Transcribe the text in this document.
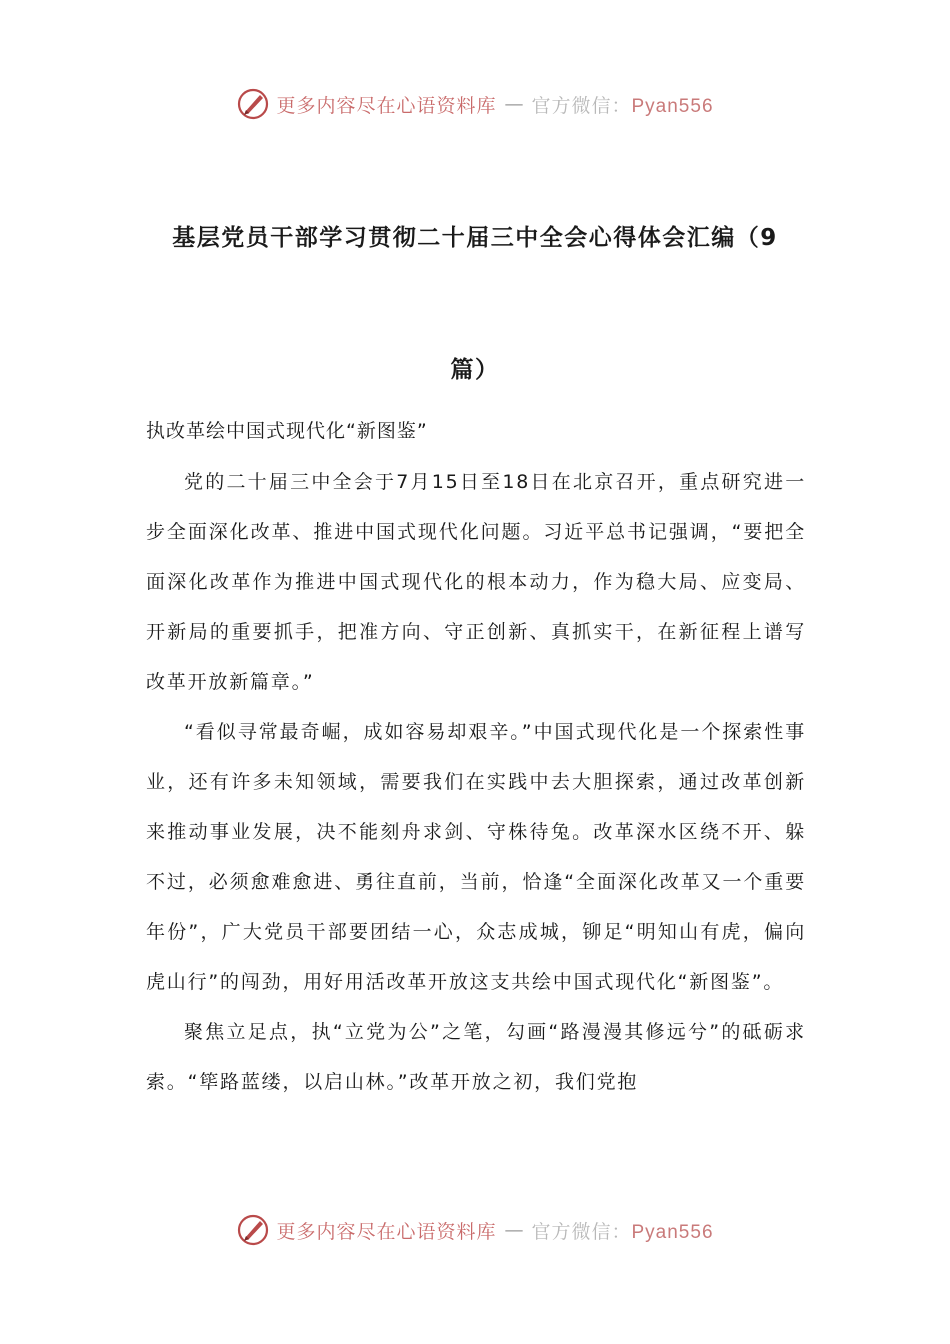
更多内容尽在心语资料库 — 官方微信：Pyan556
基层党员干部学习贯彻二十届三中全会心得体会汇编（9
篇）
执改革绘中国式现代化“新图鉴”

党的二十届三中全会于7月15日至18日在北京召开，重点研究进一步全面深化改革、推进中国式现代化问题。习近平总书记强调，“要把全面深化改革作为推进中国式现代化的根本动力，作为稳大局、应变局、开新局的重要抓手，把准方向、守正创新、真抓实干，在新征程上谱写改革开放新篇章。”

“看似寻常最奇崛，成如容易却艰辛。”中国式现代化是一个探索性事业，还有许多未知领域，需要我们在实践中去大胆探索，通过改革创新来推动事业发展，决不能刻舟求剑、守株待兔。改革深水区绕不开、躲不过，必须愈难愈进、勇往直前，当前，恰逢“全面深化改革又一个重要年份”，广大党员干部要团结一心，众志成城，铆足“明知山有虎，偏向虎山行”的闯劲，用好用活改革开放这支共绘中国式现代化“新图鉴”。

聚焦立足点，执“立党为公”之笔，勾画“路漫漫其修远兮”的砥砺求索。“筚路蓝缕，以启山林。”改革开放之初，我们党抱

更多内容尽在心语资料库 — 官方微信：Pyan556
